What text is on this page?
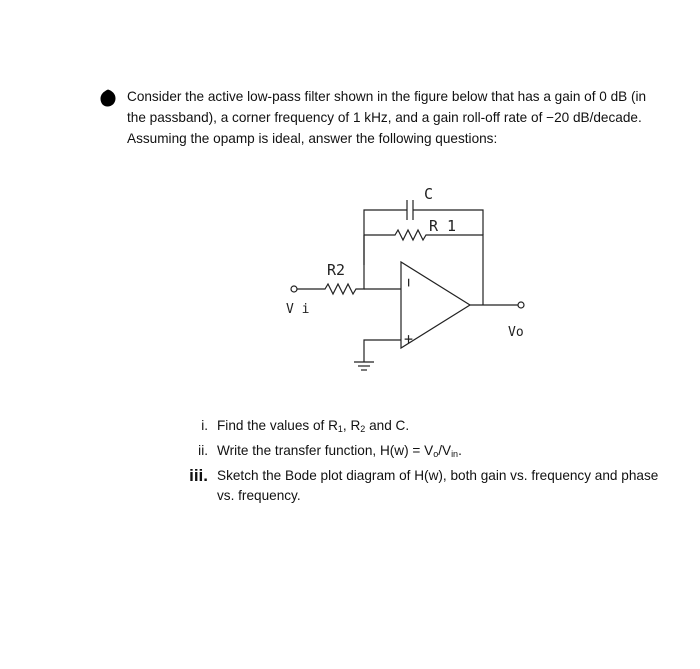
Consider the active low-pass filter shown in the figure below that has a gain of 0 dB (in

the passband), a corner frequency of 1 kHz, and a gain roll-off rate of −20 dB/decade.

Assuming the opamp is ideal, answer the following questions:

C
R 1
R2
V i
Vo
−
+
i. Find the values of $R_1$, $R_2$ and C.
ii. Write the transfer function, $H(w) = V_o/V_{in}$.
iii. Sketch the Bode plot diagram of H(w), both gain vs. frequency and phase
vs. frequency.
